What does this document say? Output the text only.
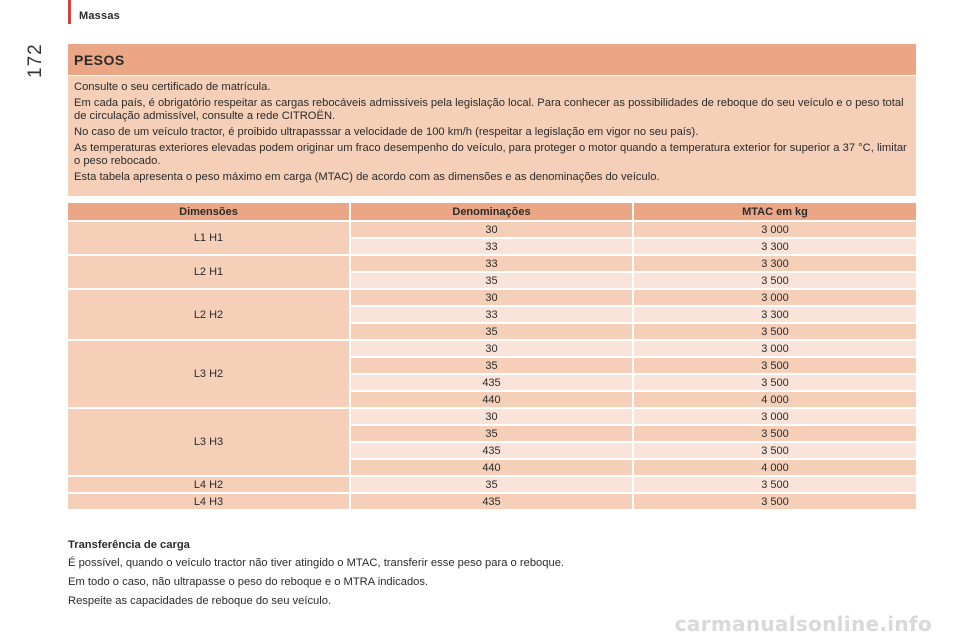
Massas
172	PESOS

Consulte o seu certificado de matrícula.

Em cada país, é obrigatório respeitar as cargas rebocáveis admissíveis pela legislação local. Para conhecer as possibilidades de reboque do seu veículo e o peso total de circulação admissível, consulte a rede CITROËN.

No caso de um veículo tractor, é proibido ultrapasssar a velocidade de 100 km/h (respeitar a legislação em vigor no seu país).

As temperaturas exteriores elevadas podem originar um fraco desempenho do veículo, para proteger o motor quando a temperatura exterior for superior a 37 °C, limitar o peso rebocado.

Esta tabela apresenta o peso máximo em carga (MTAC) de acordo com as dimensões e as denominações do veículo.

Dimensões	Denominações	MTAC em kg
L1 H1	30	3 000
	33	3 300
L2 H1	33	3 300
	35	3 500
L2 H2	30	3 000
	33	3 300
	35	3 500
L3 H2	30	3 000
	35	3 500
	435	3 500
	440	4 000
L3 H3	30	3 000
	35	3 500
	435	3 500
	440	4 000
L4 H2	35	3 500
L4 H3	435	3 500
Transferência de carga

É possível, quando o veículo tractor não tiver atingido o MTAC, transferir esse peso para o reboque.

Em todo o caso, não ultrapasse o peso do reboque e o MTRA indicados.

Respeite as capacidades de reboque do seu veículo.

carmanualsonline.info
